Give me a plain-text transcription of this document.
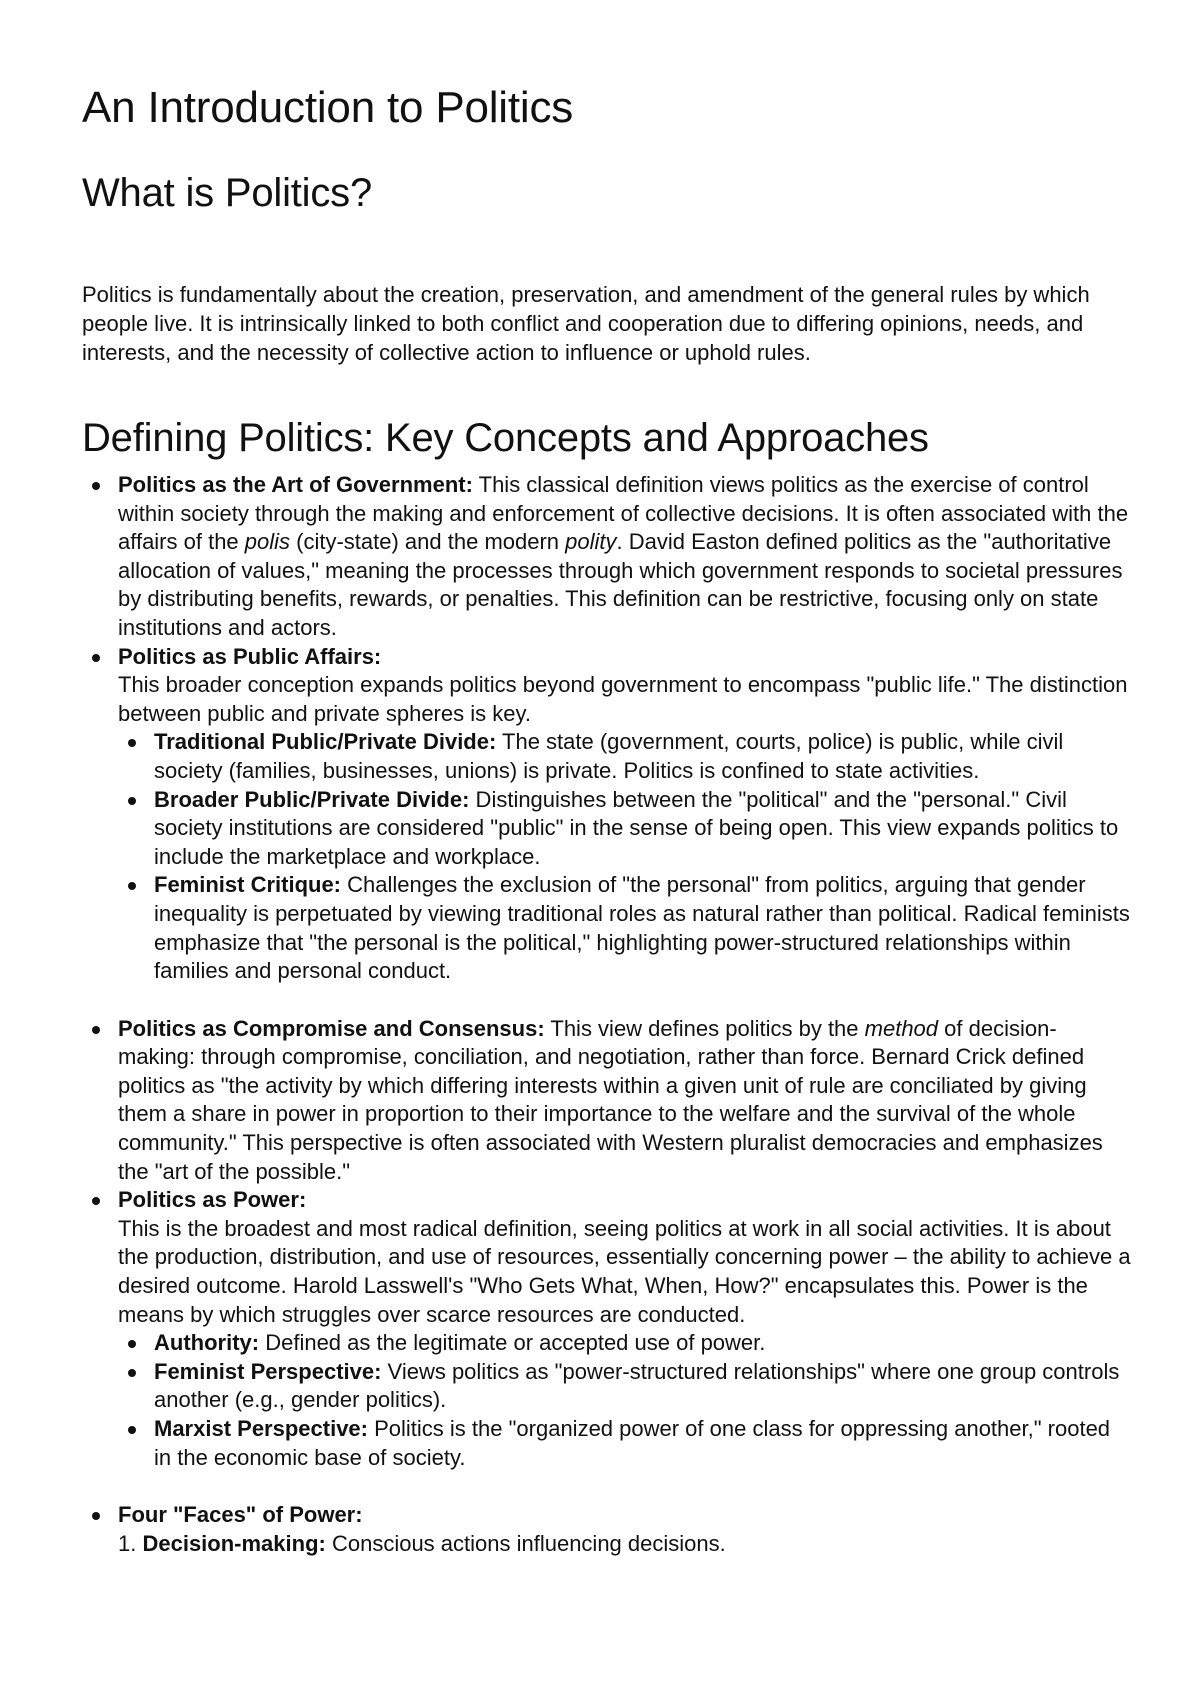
An Introduction to Politics
What is Politics?

Politics is fundamentally about the creation, preservation, and amendment of the general rules by which people live. It is intrinsically linked to both conflict and cooperation due to differing opinions, needs, and interests, and the necessity of collective action to influence or uphold rules.

Defining Politics: Key Concepts and Approaches
Politics as the Art of Government: This classical definition views politics as the exercise of control within society through the making and enforcement of collective decisions. It is often associated with the affairs of the polis (city-state) and the modern polity. David Easton defined politics as the "authoritative allocation of values," meaning the processes through which government responds to societal pressures by distributing benefits, rewards, or penalties. This definition can be restrictive, focusing only on state institutions and actors.
Politics as Public Affairs:
This broader conception expands politics beyond government to encompass "public life." The distinction between public and private spheres is key.
Traditional Public/Private Divide: The state (government, courts, police) is public, while civil society (families, businesses, unions) is private. Politics is confined to state activities.
Broader Public/Private Divide: Distinguishes between the "political" and the "personal." Civil society institutions are considered "public" in the sense of being open. This view expands politics to include the marketplace and workplace.
Feminist Critique: Challenges the exclusion of "the personal" from politics, arguing that gender inequality is perpetuated by viewing traditional roles as natural rather than political. Radical feminists emphasize that "the personal is the political," highlighting power-structured relationships within families and personal conduct.
Politics as Compromise and Consensus: This view defines politics by the method of decision-making: through compromise, conciliation, and negotiation, rather than force. Bernard Crick defined politics as "the activity by which differing interests within a given unit of rule are conciliated by giving them a share in power in proportion to their importance to the welfare and the survival of the whole community." This perspective is often associated with Western pluralist democracies and emphasizes the "art of the possible."
Politics as Power:
This is the broadest and most radical definition, seeing politics at work in all social activities. It is about the production, distribution, and use of resources, essentially concerning power – the ability to achieve a desired outcome. Harold Lasswell's "Who Gets What, When, How?" encapsulates this. Power is the means by which struggles over scarce resources are conducted.
Authority: Defined as the legitimate or accepted use of power.
Feminist Perspective: Views politics as "power-structured relationships" where one group controls another (e.g., gender politics).
Marxist Perspective: Politics is the "organized power of one class for oppressing another," rooted in the economic base of society.
Four "Faces" of Power:
1. Decision-making: Conscious actions influencing decisions.
